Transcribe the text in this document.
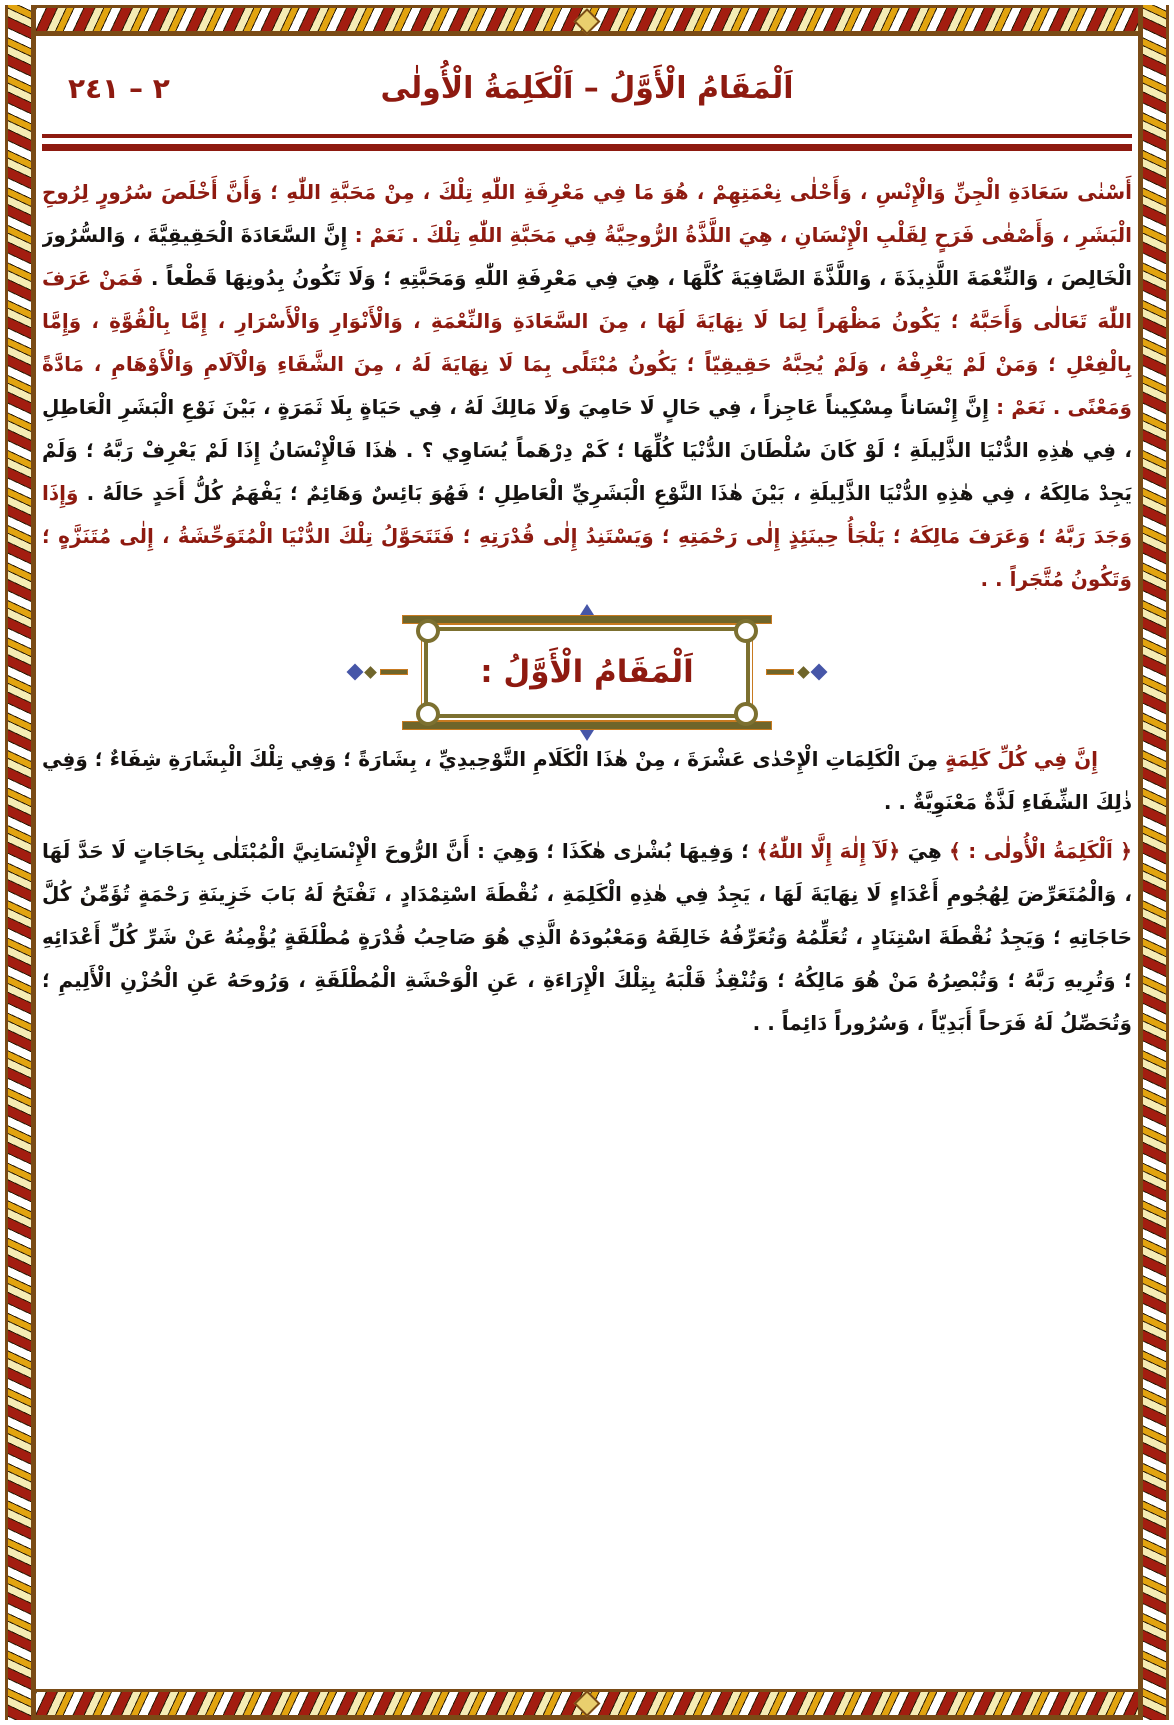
اَلْمَقَامُ الْأَوَّلُ – اَلْكَلِمَةُ الْأُولٰى
٢ – ٢٤١

أَسْنٰى سَعَادَةِ الْجِنِّ وَالْإِنْسِ ، وَأَحْلٰى نِعْمَتِهِمْ ، هُوَ مَا فِي مَعْرِفَةِ اللّٰهِ تِلْكَ ، مِنْ مَحَبَّةِ اللّٰهِ ؛ وَأَنَّ أَخْلَصَ سُرُورٍ لِرُوحِ الْبَشَرِ ، وَأَصْفٰى فَرَحٍ لِقَلْبِ الْإِنْسَانِ ، هِيَ اللَّذَّةُ الرُّوحِيَّةُ فِي مَحَبَّةِ اللّٰهِ تِلْكَ . نَعَمْ : إِنَّ السَّعَادَةَ الْحَقِيقِيَّةَ ، وَالسُّرُورَ الْخَالِصَ ، وَالنِّعْمَةَ اللَّذِيذَةَ ، وَاللَّذَّةَ الصَّافِيَةَ كُلَّهَا ، هِيَ فِي مَعْرِفَةِ اللّٰهِ وَمَحَبَّتِهِ ؛ وَلَا تَكُونُ بِدُونِهَا قَطْعاً . فَمَنْ عَرَفَ اللّٰهَ تَعَالٰى وَأَحَبَّهُ ؛ يَكُونُ مَظْهَراً لِمَا لَا نِهَايَةَ لَهَا ، مِنَ السَّعَادَةِ وَالنِّعْمَةِ ، وَالْأَنْوَارِ وَالْأَسْرَارِ ، إِمَّا بِالْقُوَّةِ ، وَإِمَّا بِالْفِعْلِ ؛ وَمَنْ لَمْ يَعْرِفْهُ ، وَلَمْ يُحِبَّهُ حَقِيقِيّاً ؛ يَكُونُ مُبْتَلًى بِمَا لَا نِهَايَةَ لَهُ ، مِنَ الشَّقَاءِ وَالْآلَامِ وَالْأَوْهَامِ ، مَادَّةً وَمَعْنًى . نَعَمْ : إِنَّ إِنْسَاناً مِسْكِيناً عَاجِزاً ، فِي حَالٍ لَا حَامِيَ وَلَا مَالِكَ لَهُ ، فِي حَيَاةٍ بِلَا ثَمَرَةٍ ، بَيْنَ نَوْعِ الْبَشَرِ الْعَاطِلِ ، فِي هٰذِهِ الدُّنْيَا الذَّلِيلَةِ ؛ لَوْ كَانَ سُلْطَانَ الدُّنْيَا كُلِّهَا ؛ كَمْ دِرْهَماً يُسَاوِي ؟ . هٰذَا فَالْإِنْسَانُ إِذَا لَمْ يَعْرِفْ رَبَّهُ ؛ وَلَمْ يَجِدْ مَالِكَهُ ، فِي هٰذِهِ الدُّنْيَا الذَّلِيلَةِ ، بَيْنَ هٰذَا النَّوْعِ الْبَشَرِيِّ الْعَاطِلِ ؛ فَهُوَ بَائِسٌ وَهَائِمٌ ؛ يَفْهَمُ كُلُّ أَحَدٍ حَالَهُ . وَإِذَا وَجَدَ رَبَّهُ ؛ وَعَرَفَ مَالِكَهُ ؛ يَلْجَأُ حِينَئِذٍ إِلٰى رَحْمَتِهِ ؛ وَيَسْتَنِدُ إِلٰى قُدْرَتِهِ ؛ فَتَتَحَوَّلُ تِلْكَ الدُّنْيَا الْمُتَوَحِّشَةُ ، إِلٰى مُتَنَزَّهٍ ؛ وَتَكُونُ مُتَّجَراً . .

اَلْمَقَامُ الْأَوَّلُ :

إِنَّ فِي كُلِّ كَلِمَةٍ مِنَ الْكَلِمَاتِ الْإِحْدٰى عَشْرَةَ ، مِنْ هٰذَا الْكَلَامِ التَّوْحِيدِيِّ ، بِشَارَةً ؛ وَفِي تِلْكَ الْبِشَارَةِ شِفَاءٌ ؛ وَفِي ذٰلِكَ الشِّفَاءِ لَذَّةٌ مَعْنَوِيَّةٌ . .

﴿ اَلْكَلِمَةُ الْأُولٰى : ﴾ هِيَ ﴿لَآ إِلٰهَ إِلَّا اللّٰهُ﴾ ؛ وَفِيهَا بُشْرٰى هٰكَذَا ؛ وَهِيَ : أَنَّ الرُّوحَ الْإِنْسَانِيَّ الْمُبْتَلٰى بِحَاجَاتٍ لَا حَدَّ لَهَا ، وَالْمُتَعَرِّضَ لِهُجُومِ أَعْدَاءٍ لَا نِهَايَةَ لَهَا ، يَجِدُ فِي هٰذِهِ الْكَلِمَةِ ، نُقْطَةَ اسْتِمْدَادٍ ، تَفْتَحُ لَهُ بَابَ خَزِينَةِ رَحْمَةٍ تُؤَمِّنُ كُلَّ حَاجَاتِهِ ؛ وَيَجِدُ نُقْطَةَ اسْتِنَادٍ ، تُعَلِّمُهُ وَتُعَرِّفُهُ خَالِقَهُ وَمَعْبُودَهُ الَّذِي هُوَ صَاحِبُ قُدْرَةٍ مُطْلَقَةٍ يُؤْمِنُهُ عَنْ شَرِّ كُلِّ أَعْدَائِهِ ؛ وَتُرِيهِ رَبَّهُ ؛ وَتُبْصِرُهُ مَنْ هُوَ مَالِكُهُ ؛ وَتُنْقِذُ قَلْبَهُ بِتِلْكَ الْإِرَاءَةِ ، عَنِ الْوَحْشَةِ الْمُطْلَقَةِ ، وَرُوحَهُ عَنِ الْحُزْنِ الْأَلِيمِ ؛ وَتُحَصِّلُ لَهُ فَرَحاً أَبَدِيّاً ، وَسُرُوراً دَائِماً . .
